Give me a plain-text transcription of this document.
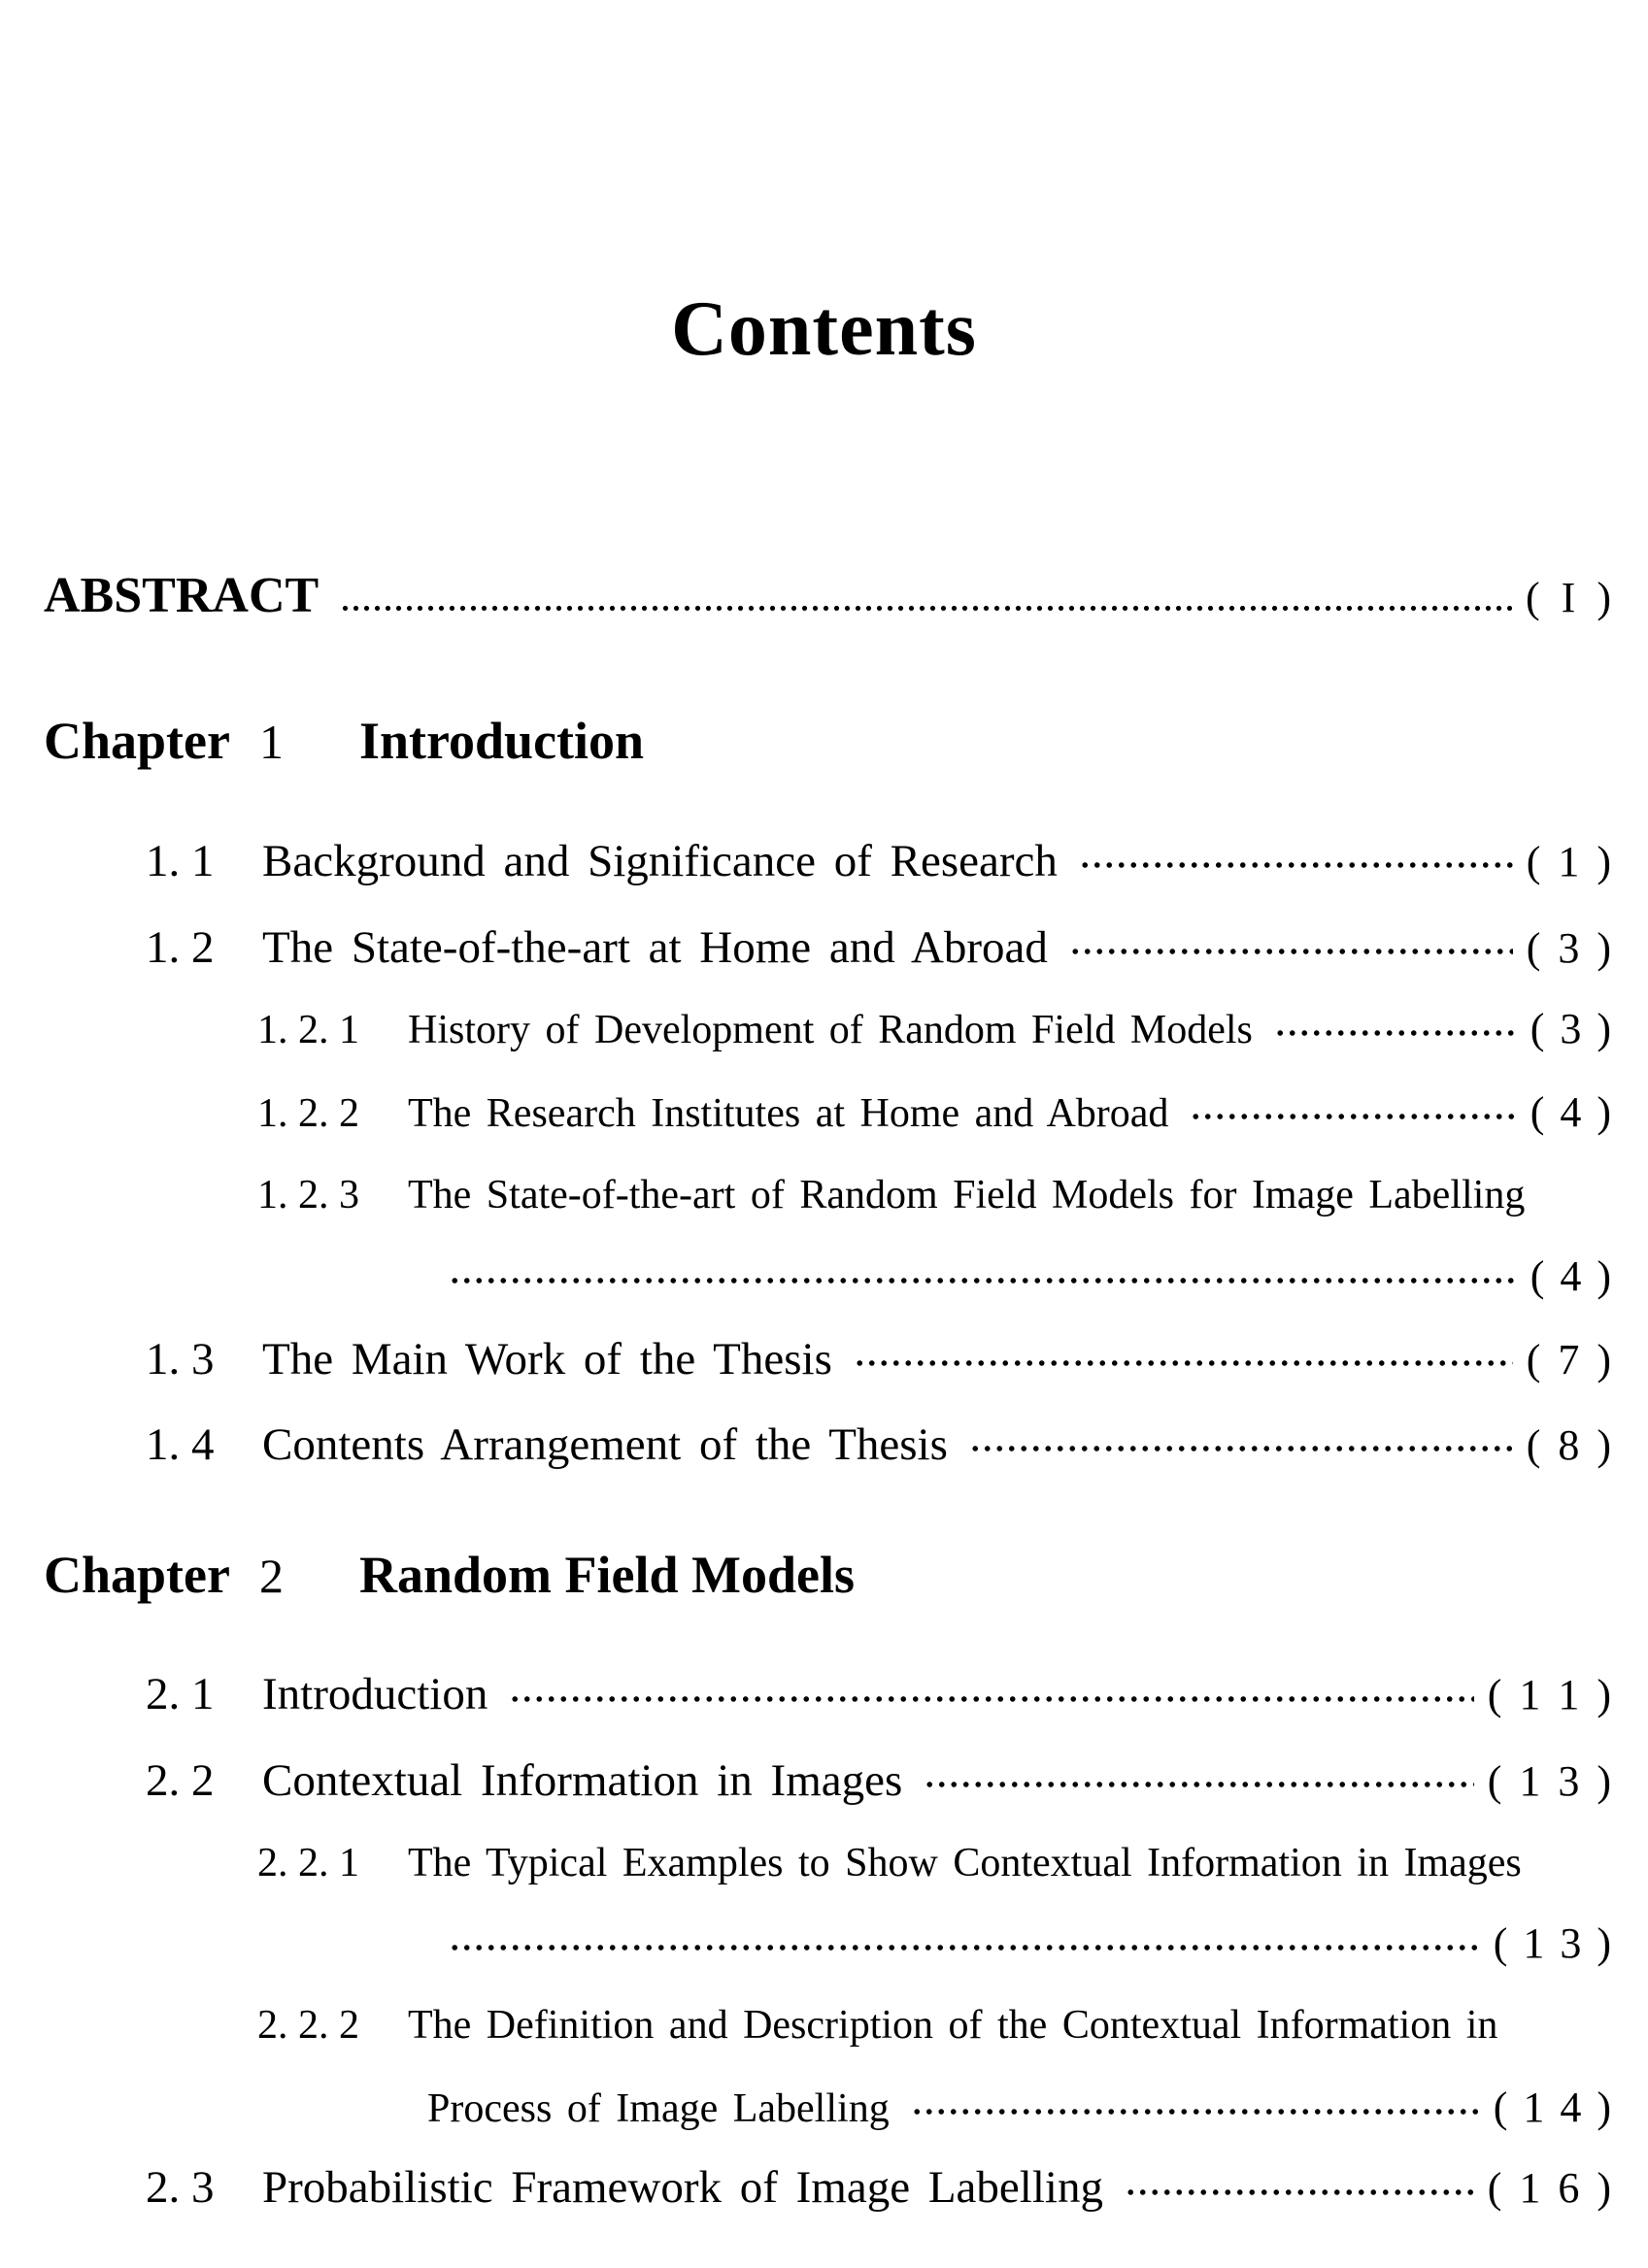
Contents
ABSTRACT	(  I  )
Chapter 1 Introduction
1. 1	Background and Significance of Research	( 1 )
1. 2	The State-of-the-art at Home and Abroad	( 3 )
1. 2. 1	History of Development of Random Field Models	( 3 )
1. 2. 2	The Research Institutes at Home and Abroad	( 4 )
1. 2. 3	The State-of-the-art of Random Field Models for Image Labelling
( 4 )
1. 3	The Main Work of the Thesis	( 7 )
1. 4	Contents Arrangement of the Thesis	( 8 )
Chapter 2 Random Field Models
2. 1	Introduction	( 1 1 )
2. 2	Contextual Information in Images	( 1 3 )
2. 2. 1	The Typical Examples to Show Contextual Information in Images
( 1 3 )
2. 2. 2	The Definition and Description of the Contextual Information in
Process of Image Labelling	( 1 4 )
2. 3	Probabilistic Framework of Image Labelling	( 1 6 )
